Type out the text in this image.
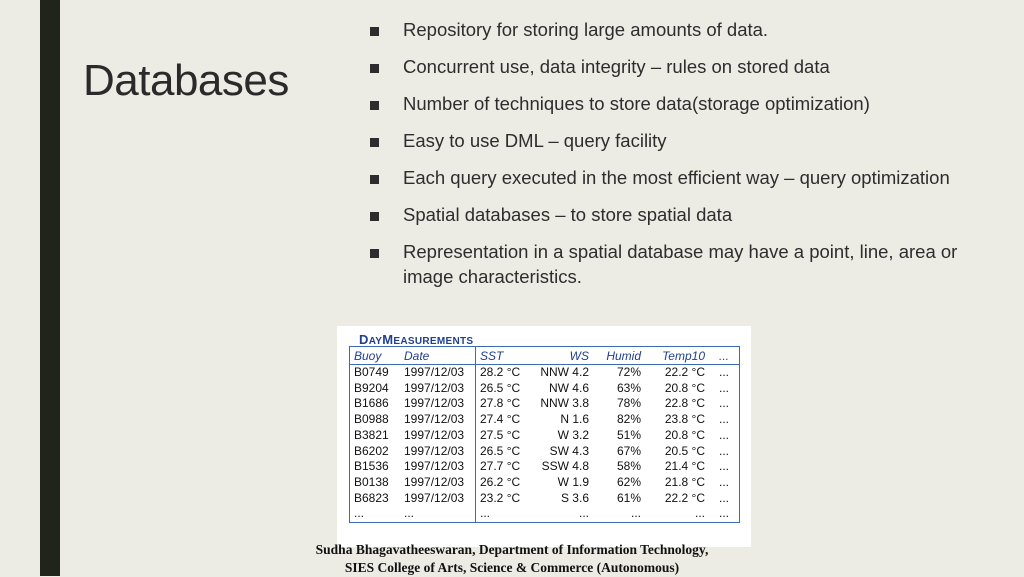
Databases
Repository for storing large amounts of data.
Concurrent use, data integrity – rules on stored data
Number of techniques to store data(storage optimization)
Easy to use DML – query facility
Each query executed in the most efficient way – query optimization
Spatial databases – to store spatial data
Representation in a spatial database may have a point, line, area or image characteristics.
DAYMEASUREMENTS
Buoy	Date	SST	WS	Humid	Temp10	...
B0749	1997/12/03	28.2 °C	NNW 4.2	72%	22.2 °C	...
B9204	1997/12/03	26.5 °C	NW 4.6	63%	20.8 °C	...
B1686	1997/12/03	27.8 °C	NNW 3.8	78%	22.8 °C	...
B0988	1997/12/03	27.4 °C	N 1.6	82%	23.8 °C	...
B3821	1997/12/03	27.5 °C	W 3.2	51%	20.8 °C	...
B6202	1997/12/03	26.5 °C	SW 4.3	67%	20.5 °C	...
B1536	1997/12/03	27.7 °C	SSW 4.8	58%	21.4 °C	...
B0138	1997/12/03	26.2 °C	W 1.9	62%	21.8 °C	...
B6823	1997/12/03	23.2 °C	S 3.6	61%	22.2 °C	...
...	...	...	...	...	...	...
Sudha Bhagavatheeswaran, Department of Information Technology,
SIES College of Arts, Science & Commerce (Autonomous)
